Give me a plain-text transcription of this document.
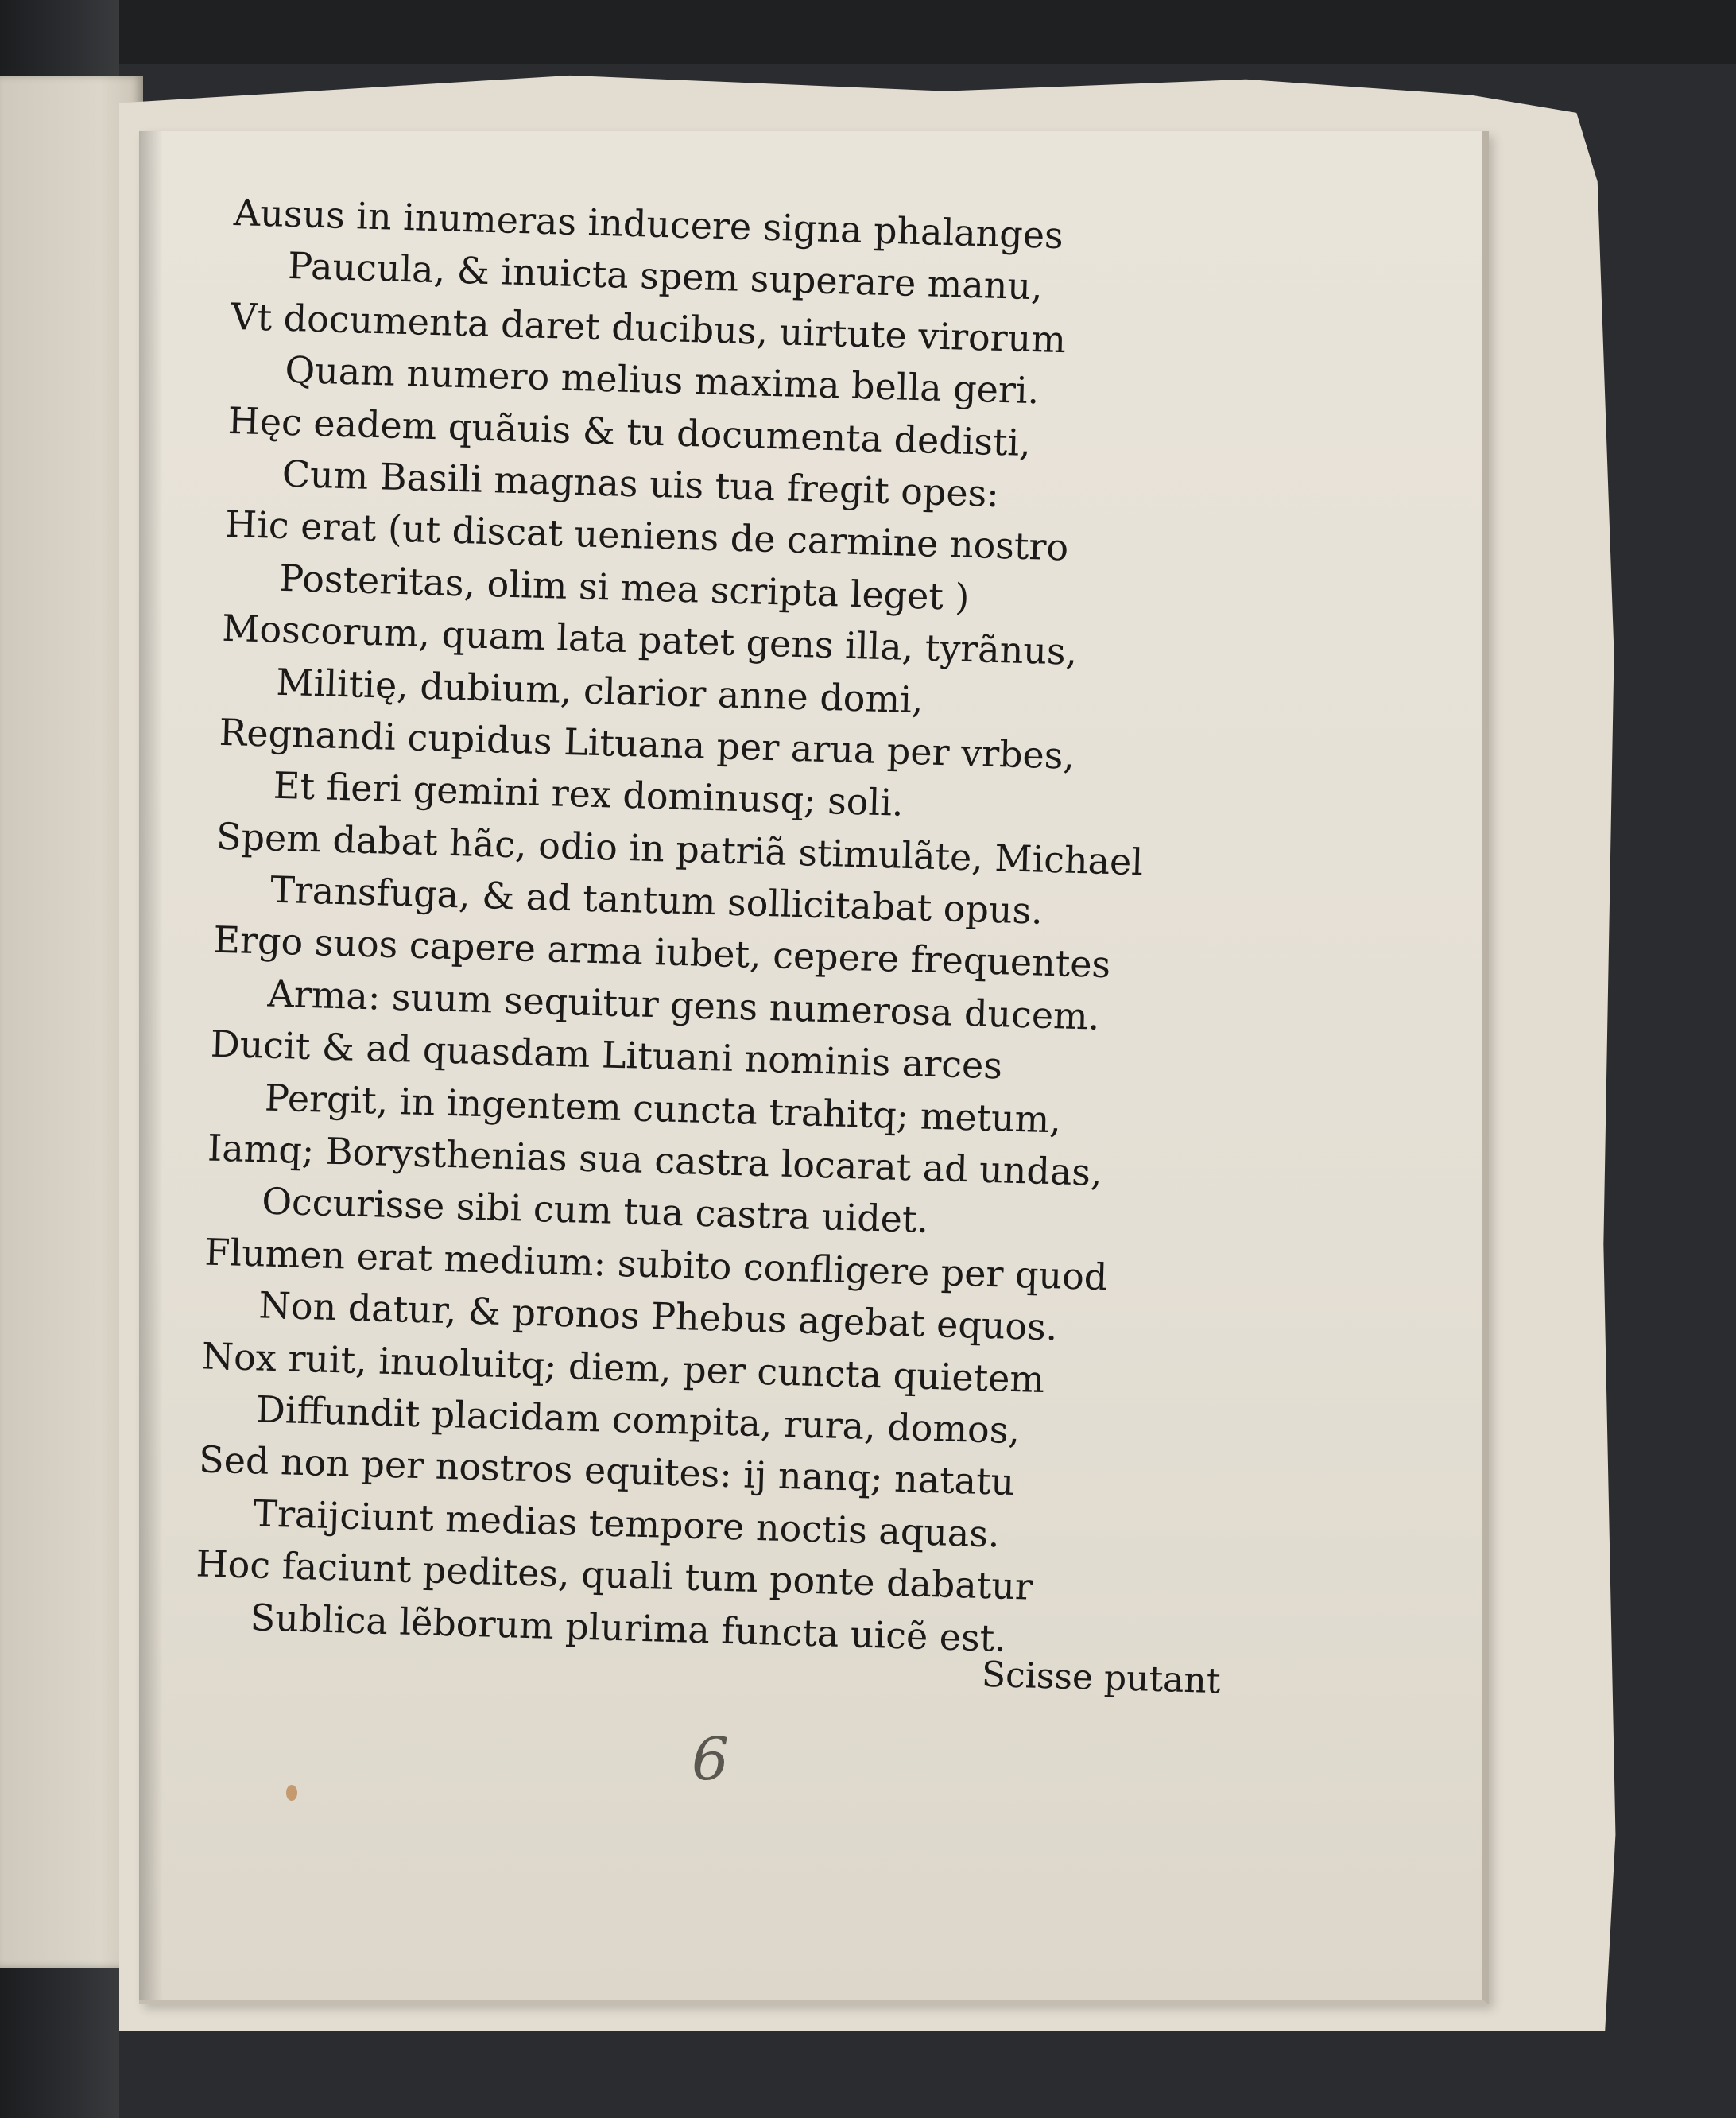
Ausus in inumeras inducere signa phalanges
Paucula, & inuicta spem superare manu,
Vt documenta daret ducibus, uirtute virorum
Quam numero melius maxima bella geri.
Hęc eadem quãuis & tu documenta dedisti,
Cum Basili magnas uis tua fregit opes:
Hic erat (ut discat ueniens de carmine nostro
Posteritas, olim si mea scripta leget )
Moscorum, quam lata patet gens illa, tyrãnus,
Militię, dubium, clarior anne domi,
Regnandi cupidus Lituana per arua per vrbes,
Et fieri gemini rex dominusq; soli.
Spem dabat hãc, odio in patriã stimulãte, Michael
Transfuga, & ad tantum sollicitabat opus.
Ergo suos capere arma iubet, cepere frequentes
Arma: suum sequitur gens numerosa ducem.
Ducit & ad quasdam Lituani nominis arces
Pergit, in ingentem cuncta trahitq; metum,
Iamq; Borysthenias sua castra locarat ad undas,
Occurisse sibi cum tua castra uidet.
Flumen erat medium: subito confligere per quod
Non datur, & pronos Phebus agebat equos.
Nox ruit, inuoluitq; diem, per cuncta quietem
Diffundit placidam compita, rura, domos,
Sed non per nostros equites: ij nanq; natatu
Traijciunt medias tempore noctis aquas.
Hoc faciunt pedites, quali tum ponte dabatur
Sublica lẽborum plurima functa uicẽ est.
Scisse putant
6
